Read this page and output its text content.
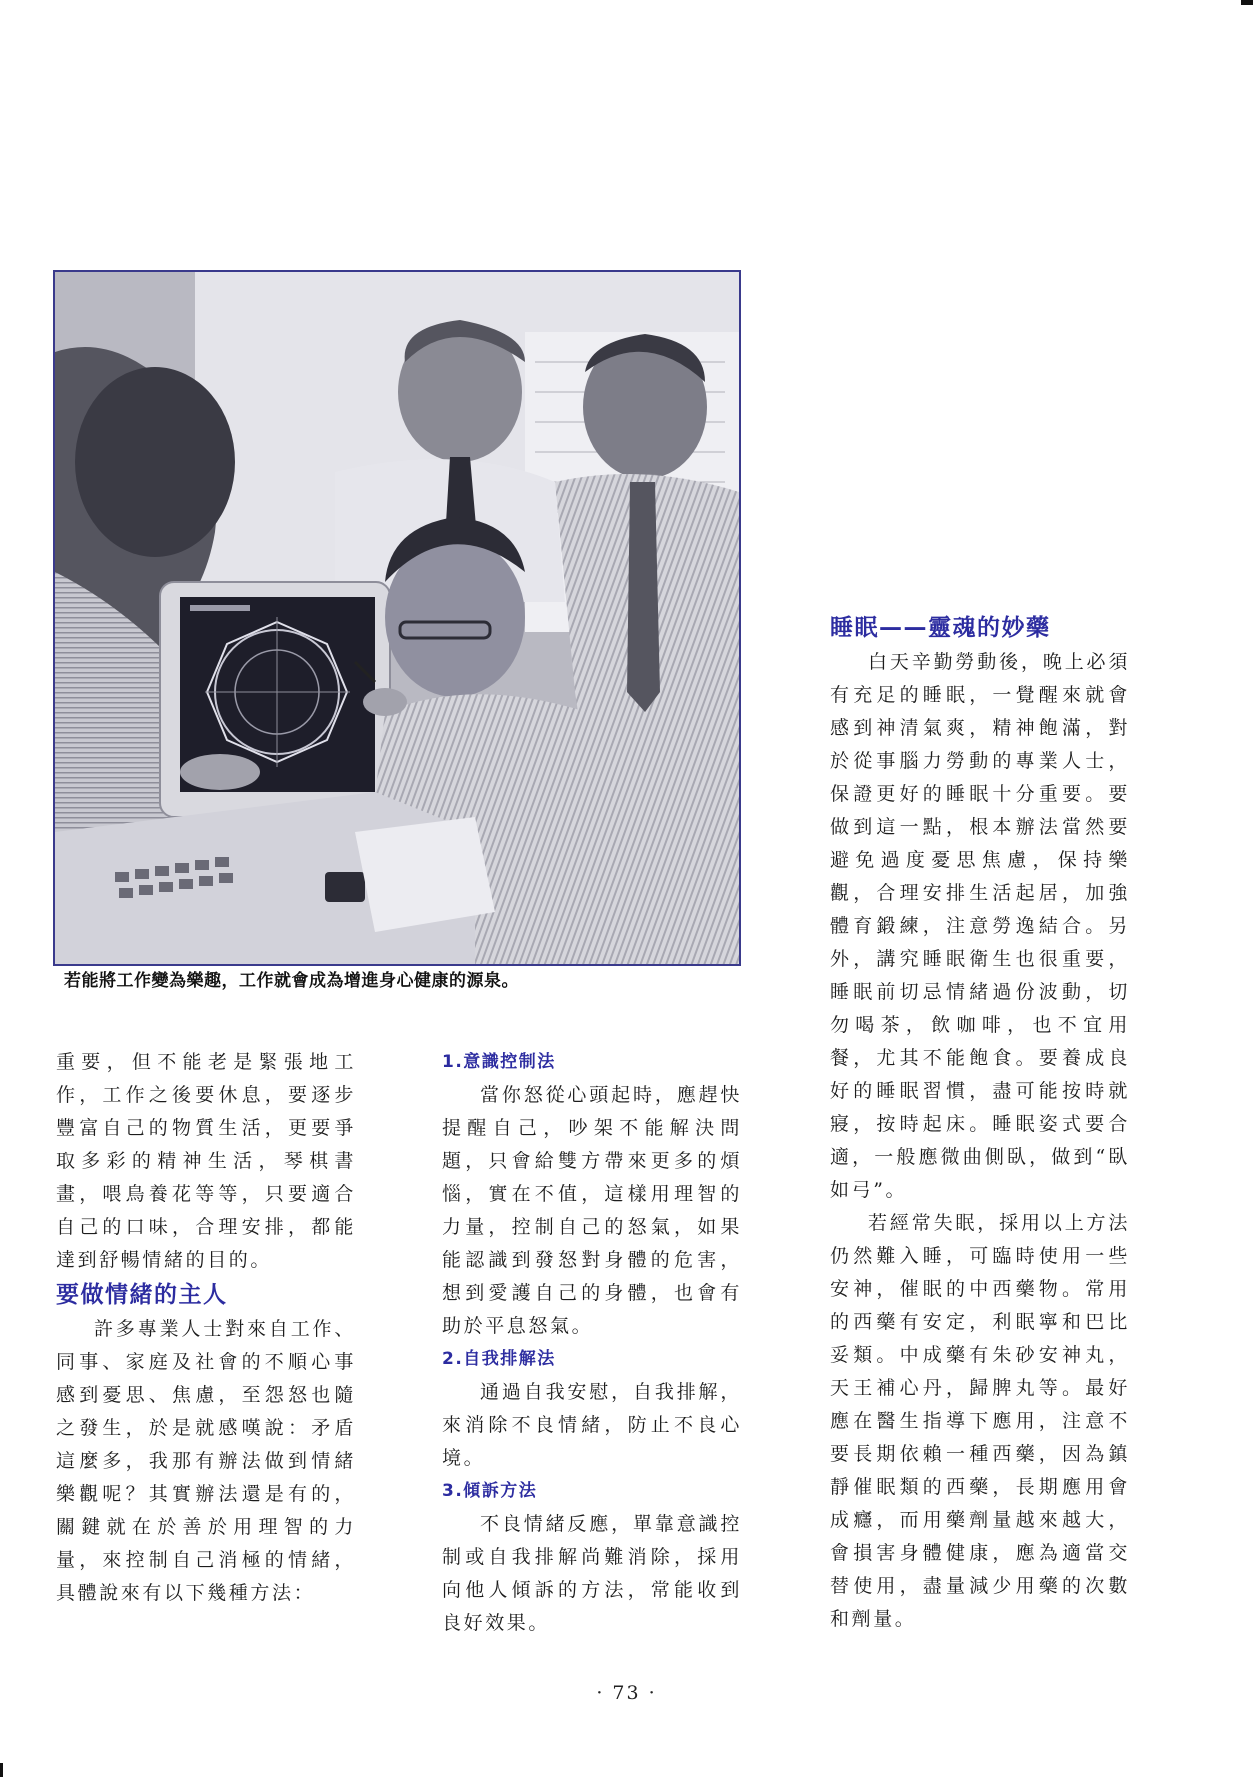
若能將工作變為樂趣，工作就會成為增進身心健康的源泉。

重要，但不能老是緊張地工作，工作之後要休息，要逐步豐富自己的物質生活，更要爭取多彩的精神生活，琴棋書畫，喂鳥養花等等，只要適合自己的口味，合理安排，都能達到舒暢情緒的目的。

要做情緒的主人

許多專業人士對來自工作、同事、家庭及社會的不順心事感到憂思、焦慮，至怨怒也隨之發生，於是就感嘆說：矛盾這麼多，我那有辦法做到情緒樂觀呢？其實辦法還是有的，關鍵就在於善於用理智的力量，來控制自己消極的情緒，具體說來有以下幾種方法：

1.意識控制法

當你怒從心頭起時，應趕快提醒自己，吵架不能解決問題，只會給雙方帶來更多的煩惱，實在不值，這樣用理智的力量，控制自己的怒氣，如果能認識到發怒對身體的危害，想到愛護自己的身體，也會有助於平息怒氣。

2.自我排解法

通過自我安慰，自我排解，來消除不良情緒，防止不良心境。

3.傾訴方法

不良情緒反應，單靠意識控制或自我排解尚難消除，採用向他人傾訴的方法，常能收到良好效果。

睡眠——靈魂的妙藥

白天辛勤勞動後，晚上必須有充足的睡眠，一覺醒來就會感到神清氣爽，精神飽滿，對於從事腦力勞動的專業人士，保證更好的睡眠十分重要。要做到這一點，根本辦法當然要避免過度憂思焦慮，保持樂觀，合理安排生活起居，加強體育鍛練，注意勞逸結合。另外，講究睡眠衛生也很重要，睡眠前切忌情緒過份波動，切勿喝茶，飲咖啡，也不宜用餐，尤其不能飽食。要養成良好的睡眠習慣，盡可能按時就寢，按時起床。睡眠姿式要合適，一般應微曲側臥，做到“臥如弓”。

若經常失眠，採用以上方法仍然難入睡，可臨時使用一些安神，催眠的中西藥物。常用的西藥有安定，利眠寧和巴比妥類。中成藥有朱砂安神丸，天王補心丹，歸脾丸等。最好應在醫生指導下應用，注意不要長期依賴一種西藥，因為鎮靜催眠類的西藥，長期應用會成癮，而用藥劑量越來越大，會損害身體健康，應為適當交替使用，盡量減少用藥的次數和劑量。

· 73 ·
